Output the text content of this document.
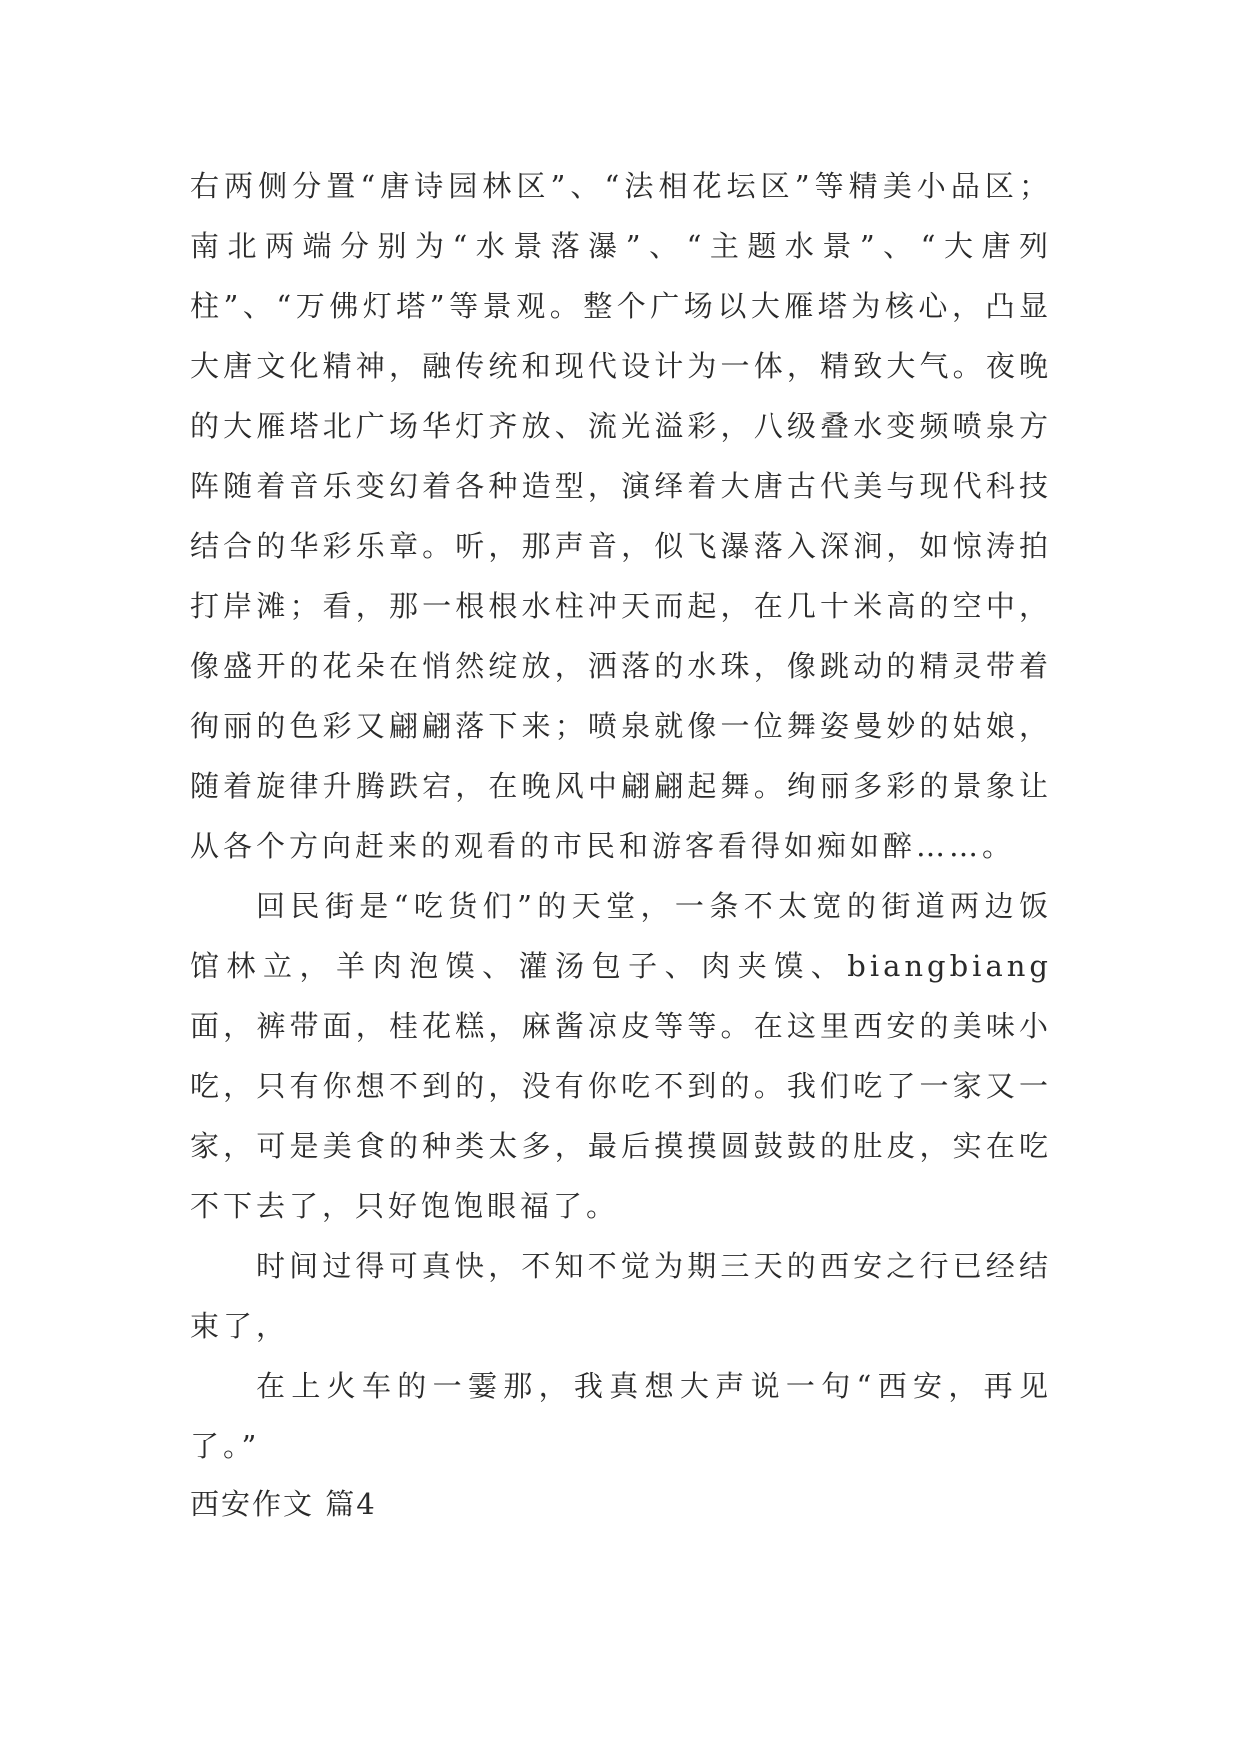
右两侧分置“唐诗园林区”、“法相花坛区”等精美小品区；南北两端分别为“水景落瀑”、“主题水景”、“大唐列柱”、“万佛灯塔”等景观。整个广场以大雁塔为核心，凸显大唐文化精神，融传统和现代设计为一体，精致大气。夜晚的大雁塔北广场华灯齐放、流光溢彩，八级叠水变频喷泉方阵随着音乐变幻着各种造型，演绎着大唐古代美与现代科技结合的华彩乐章。听，那声音，似飞瀑落入深涧，如惊涛拍打岸滩；看，那一根根水柱冲天而起，在几十米高的空中，像盛开的花朵在悄然绽放，洒落的水珠，像跳动的精灵带着徇丽的色彩又翩翩落下来；喷泉就像一位舞姿曼妙的姑娘，随着旋律升腾跌宕，在晚风中翩翩起舞。绚丽多彩的景象让从各个方向赶来的观看的市民和游客看得如痴如醉……。

回民街是“吃货们”的天堂，一条不太宽的街道两边饭馆林立，羊肉泡馍、灌汤包子、肉夹馍、biangbiang面，裤带面，桂花糕，麻酱凉皮等等。在这里西安的美味小吃，只有你想不到的，没有你吃不到的。我们吃了一家又一家，可是美食的种类太多，最后摸摸圆鼓鼓的肚皮，实在吃不下去了，只好饱饱眼福了。

时间过得可真快，不知不觉为期三天的西安之行已经结束了，

在上火车的一霎那，我真想大声说一句“西安，再见了。”

西安作文 篇4
